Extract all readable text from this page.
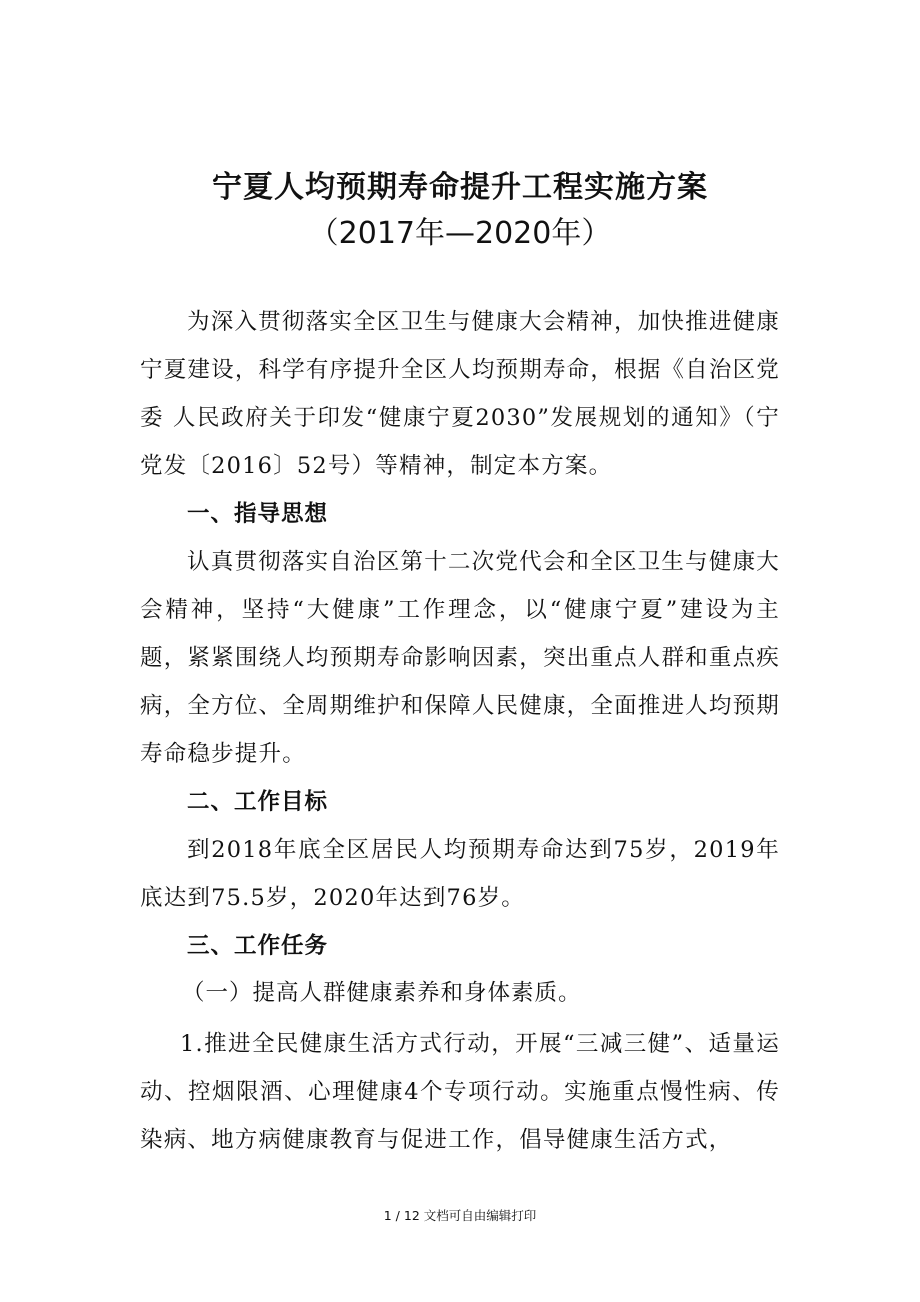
宁夏人均预期寿命提升工程实施方案
（2017年—2020年）

为深入贯彻落实全区卫生与健康大会精神，加快推进健康宁夏建设，科学有序提升全区人均预期寿命，根据《自治区党委 人民政府关于印发“健康宁夏2030”发展规划的通知》（宁党发〔2016〕52号）等精神，制定本方案。

一、指导思想

认真贯彻落实自治区第十二次党代会和全区卫生与健康大会精神，坚持“大健康”工作理念，以“健康宁夏”建设为主题，紧紧围绕人均预期寿命影响因素，突出重点人群和重点疾病，全方位、全周期维护和保障人民健康，全面推进人均预期寿命稳步提升。

二、工作目标

到2018年底全区居民人均预期寿命达到75岁，2019年底达到75.5岁，2020年达到76岁。

三、工作任务

（一）提高人群健康素养和身体素质。

1.推进全民健康生活方式行动，开展“三减三健”、适量运动、控烟限酒、心理健康4个专项行动。实施重点慢性病、传染病、地方病健康教育与促进工作，倡导健康生活方式，

1 / 12 文档可自由编辑打印
